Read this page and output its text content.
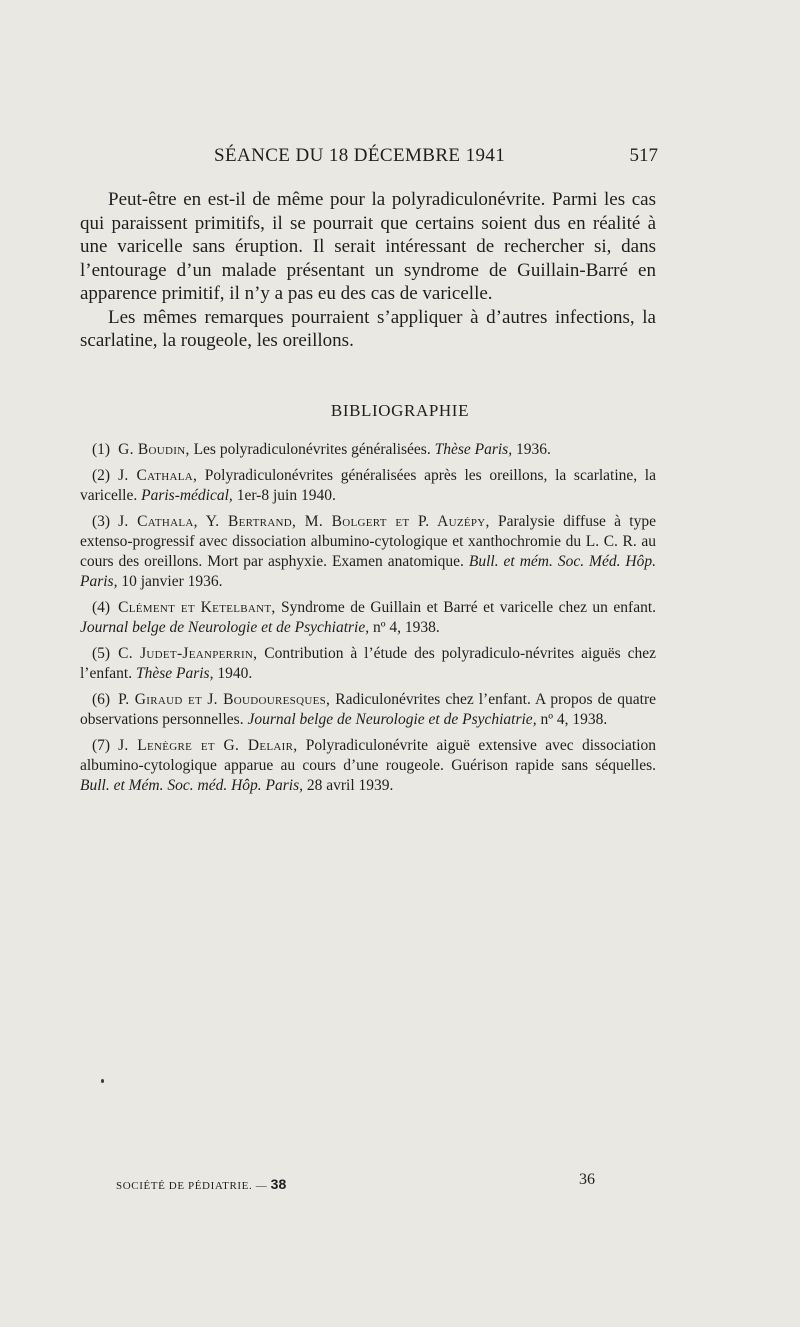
SÉANCE DU 18 DÉCEMBRE 1941	517

Peut-être en est-il de même pour la polyradiculonévrite. Parmi les cas qui paraissent primitifs, il se pourrait que certains soient dus en réalité à une varicelle sans éruption. Il serait intéressant de rechercher si, dans l’entourage d’un malade présentant un syndrome de Guillain-Barré en apparence primitif, il n’y a pas eu des cas de varicelle.

Les mêmes remarques pourraient s’appliquer à d’autres infections, la scarlatine, la rougeole, les oreillons.

BIBLIOGRAPHIE

(1) G. Boudin, Les polyradiculonévrites généralisées. Thèse Paris, 1936.

(2) J. Cathala, Polyradiculonévrites généralisées après les oreillons, la scarlatine, la varicelle. Paris-médical, 1er-8 juin 1940.

(3) J. Cathala, Y. Bertrand, M. Bolgert et P. Auzépy, Paralysie diffuse à type extenso-progressif avec dissociation albumino-cytologique et xanthochromie du L. C. R. au cours des oreillons. Mort par asphyxie. Examen anatomique. Bull. et mém. Soc. Méd. Hôp. Paris, 10 janvier 1936.

(4) Clément et Ketelbant, Syndrome de Guillain et Barré et varicelle chez un enfant. Journal belge de Neurologie et de Psychiatrie, nº 4, 1938.

(5) C. Judet-Jeanperrin, Contribution à l’étude des polyradiculo-névrites aiguës chez l’enfant. Thèse Paris, 1940.

(6) P. Giraud et J. Boudouresques, Radiculonévrites chez l’enfant. A propos de quatre observations personnelles. Journal belge de Neurologie et de Psychiatrie, nº 4, 1938.

(7) J. Lenègre et G. Delair, Polyradiculonévrite aiguë extensive avec dissociation albumino-cytologique apparue au cours d’une rougeole. Guérison rapide sans séquelles. Bull. et Mém. Soc. méd. Hôp. Paris, 28 avril 1939.

SOCIÉTÉ DE PÉDIATRIE. — 38	36
